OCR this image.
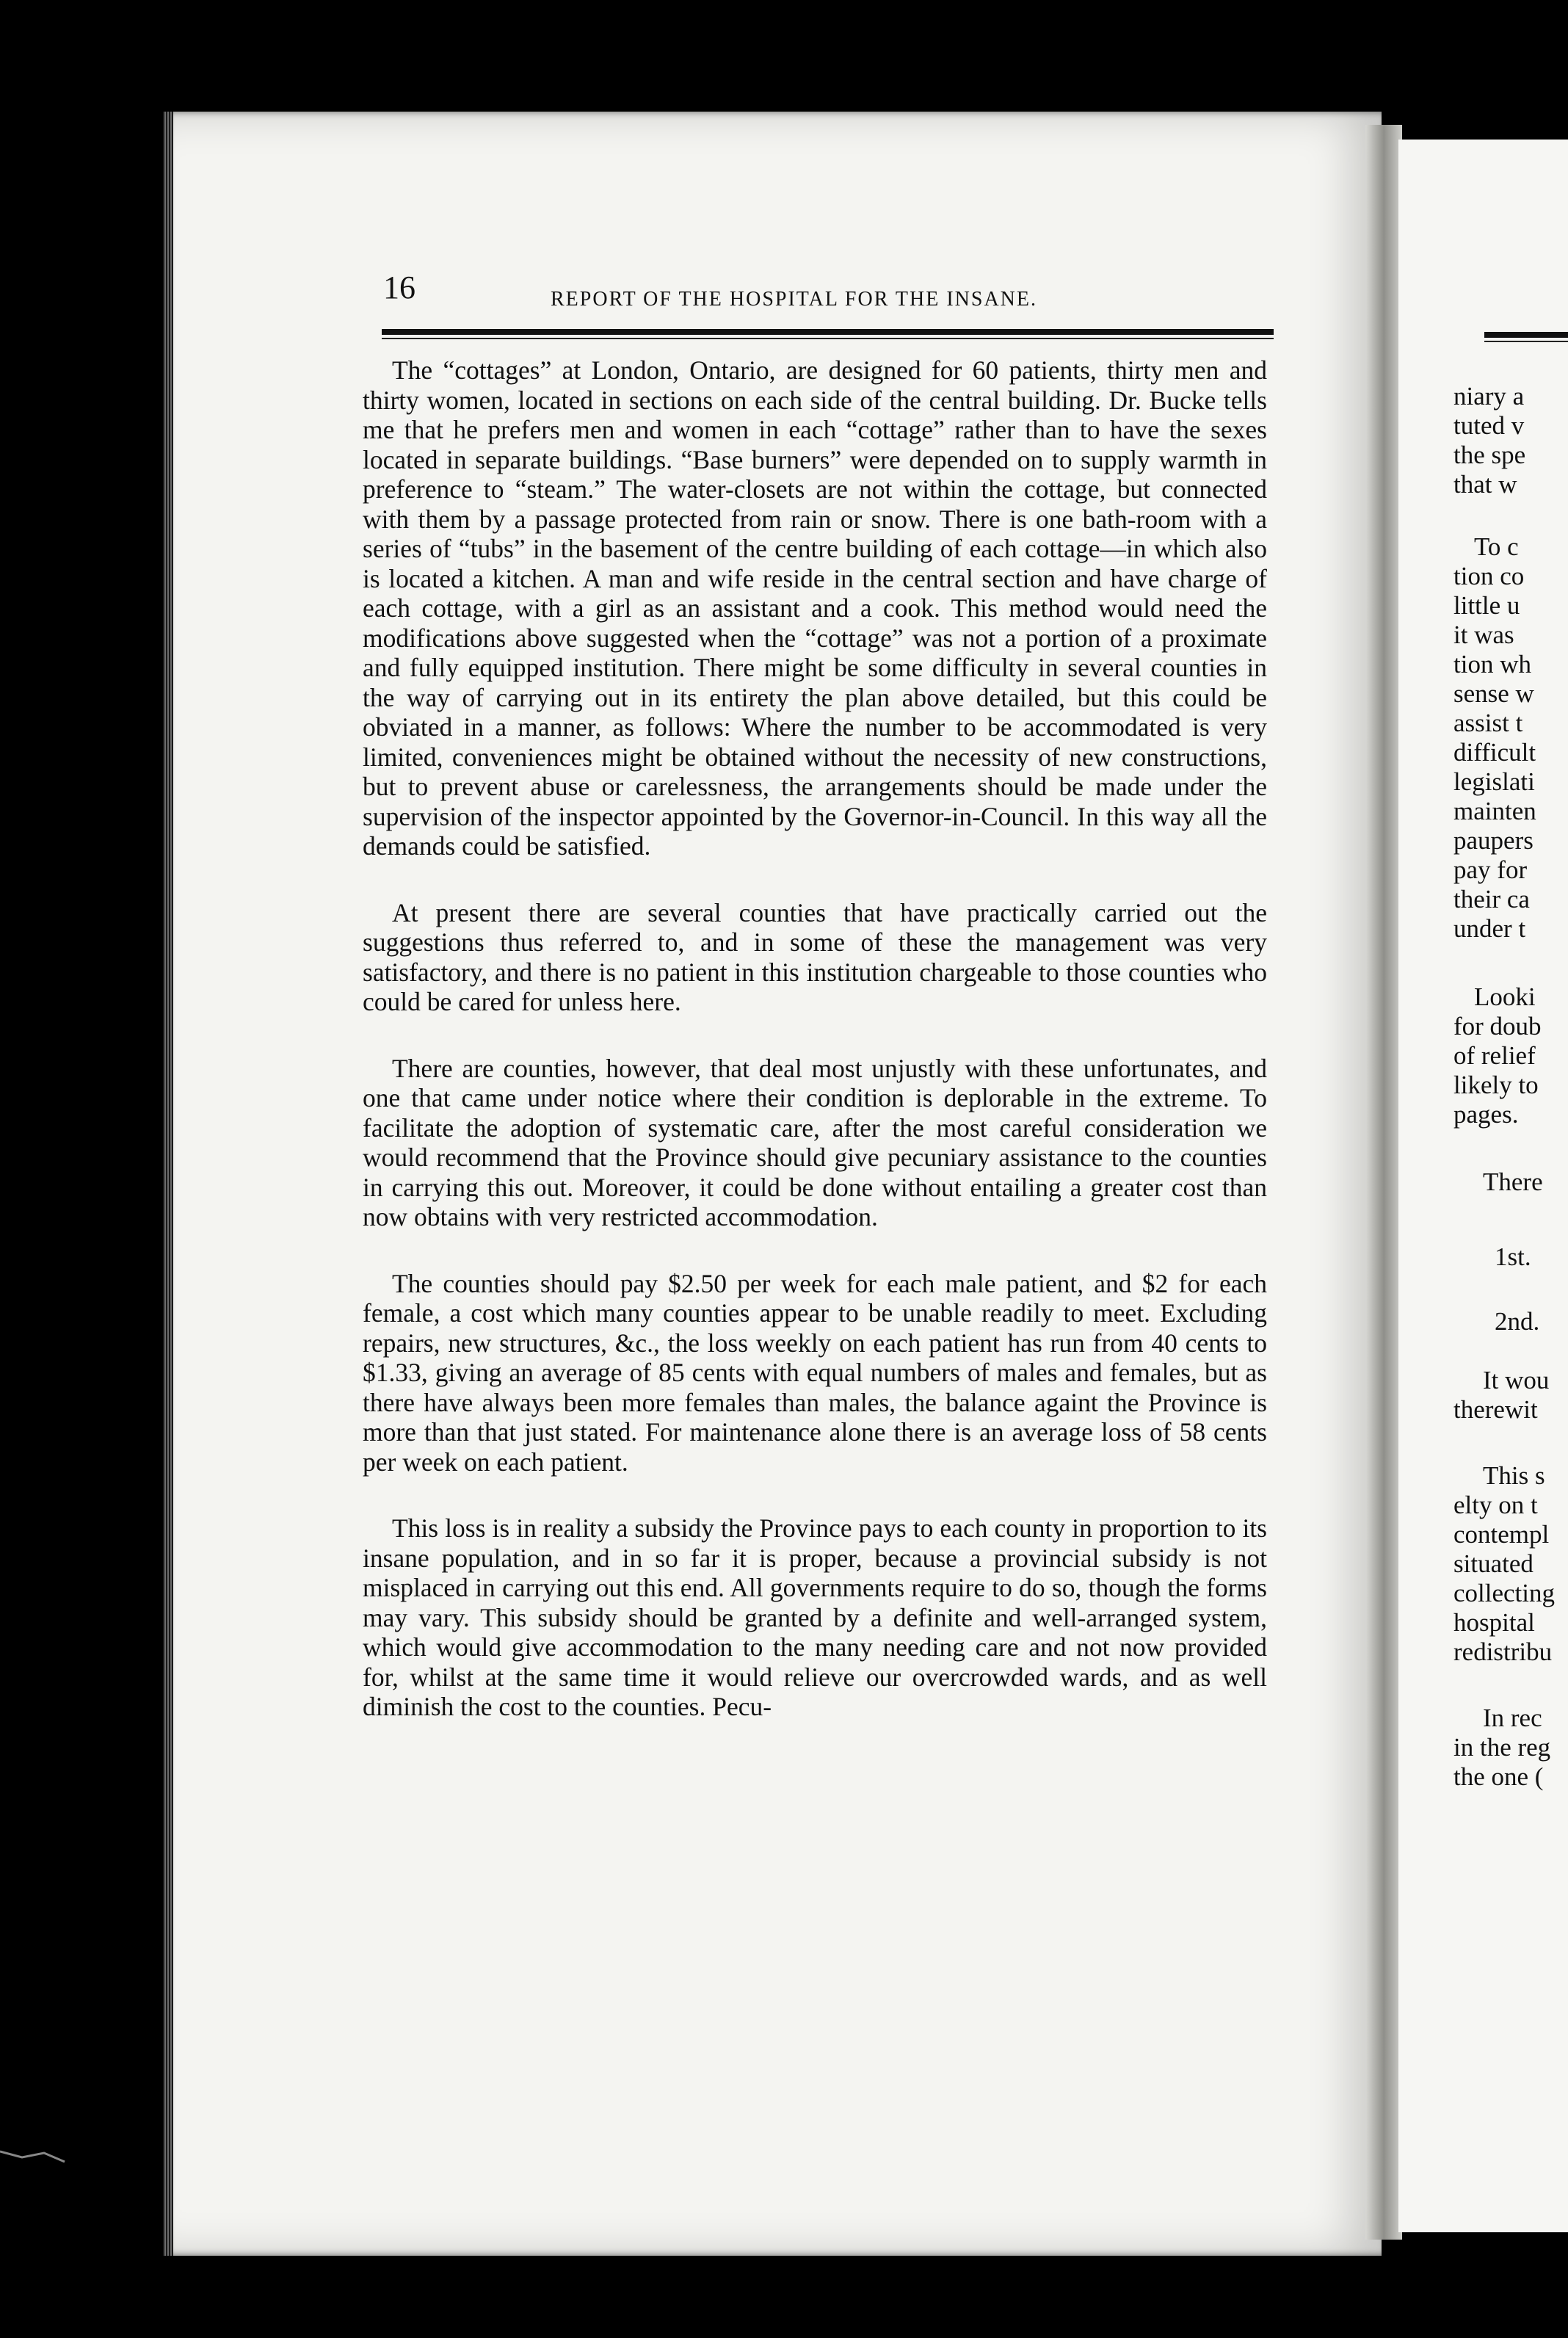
16	REPORT OF THE HOSPITAL FOR THE INSANE.

The “cottages” at London, Ontario, are designed for 60 patients, thirty men and thirty women, located in sections on each side of the central building. Dr. Bucke tells me that he prefers men and women in each “cottage” rather than to have the sexes located in separate buildings. “Base burners” were depended on to supply warmth in preference to “steam.” The water-closets are not within the cottage, but connected with them by a passage protected from rain or snow. There is one bath-room with a series of “tubs” in the basement of the centre building of each cottage—in which also is located a kitchen. A man and wife reside in the central section and have charge of each cottage, with a girl as an assistant and a cook. This method would need the modifications above suggested when the “cottage” was not a portion of a proximate and fully equipped institution. There might be some difficulty in several counties in the way of carrying out in its entirety the plan above detailed, but this could be obviated in a manner, as follows: Where the number to be accommodated is very limited, conveniences might be obtained without the necessity of new constructions, but to prevent abuse or carelessness, the arrangements should be made under the supervision of the inspector appointed by the Governor-in-Council. In this way all the demands could be satisfied.

At present there are several counties that have practically carried out the suggestions thus referred to, and in some of these the management was very satisfactory, and there is no patient in this institution chargeable to those counties who could be cared for unless here.

There are counties, however, that deal most unjustly with these unfortunates, and one that came under notice where their condition is deplorable in the extreme. To facilitate the adoption of systematic care, after the most careful consideration we would recommend that the Province should give pecuniary assistance to the counties in carrying this out. Moreover, it could be done without entailing a greater cost than now obtains with very restricted accommodation.

The counties should pay $2.50 per week for each male patient, and $2 for each female, a cost which many counties appear to be unable readily to meet. Excluding repairs, new structures, &c., the loss weekly on each patient has run from 40 cents to $1.33, giving an average of 85 cents with equal numbers of males and females, but as there have always been more females than males, the balance againt the Province is more than that just stated. For maintenance alone there is an average loss of 58 cents per week on each patient.

This loss is in reality a subsidy the Province pays to each county in proportion to its insane population, and in so far it is proper, because a provincial subsidy is not misplaced in carrying out this end. All governments require to do so, though the forms may vary. This subsidy should be granted by a definite and well-arranged system, which would give accommodation to the many needing care and not now provided for, whilst at the same time it would relieve our overcrowded wards, and as well diminish the cost to the counties. Pecu-

niary a
tuted v
the spe
that w
To c
tion co
little u
it was
tion wh
sense w
assist t
difficult
legislati
mainten
paupers
pay for
their ca
under t
Looki
for doub
of relief
likely to
pages.
There
1st.
2nd.
It wou
therewit
This s
elty on t
contempl
situated
collecting
hospital
redistribu
In rec
in the reg
the one (
